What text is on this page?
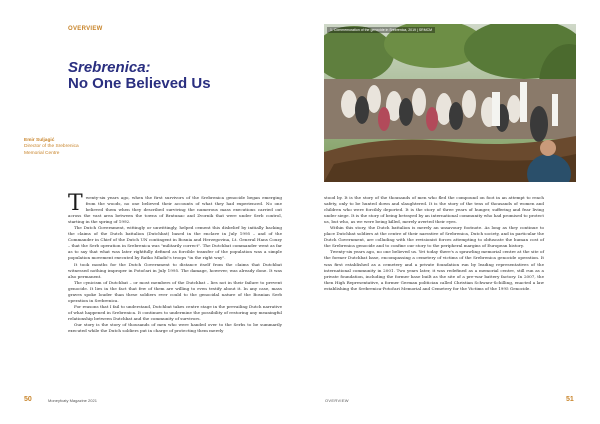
OVERVIEW
Srebrenica:
No One Believed Us
Emir Suljagić
Director of the Srebrenica
Memorial Centre
1. Commemoration of the genocide in Srebrenica, 2019 | SRMCM

Twenty-six years ago, when the first survivors of the Srebrenica genocide began emerging from the woods, no one believed their accounts of what they had experienced. No one believed them when they described surviving the numerous mass executions carried out across the vast area between the towns of Bratunac and Zvornik that were under Serb control, starting in the spring of 1992.

The Dutch Government, wittingly or unwittingly, helped cement this disbelief by initially backing the claims of the Dutch battalion (Dutchbat) based in the enclave in July 1995 – and of the Commander in Chief of the Dutch UN contingent in Bosnia and Herzegovina, Lt. General Hans Couzy – that the Serb operation in Srebrenica was "militarily correct". The Dutchbat commander went as far as to say that what was later rightfully defined as forcible transfer of the population was a simple population movement executed by Ratko Mladić's troops "in the right way".

It took months for the Dutch Government to distance itself from the claims that Dutchbat witnessed nothing improper in Potočari in July 1995. The damage, however, was already done. It was also permanent.

The cynicism of Dutchbat – or most members of the Dutchbat – lies not in their failure to prevent genocide. It lies in the fact that few of them are willing to even testify about it. In any case, mass graves spoke louder than these soldiers ever could to the genocidal nature of the Bosnian Serb operation in Srebrenica.

For reasons that I fail to understand, Dutchbat takes centre stage in the prevailing Dutch narrative of what happened in Srebrenica. It continues to undermine the possibility of restoring any meaningful relationship between Dutchbat and the community of survivors.

Our story is the story of thousands of men who were handed over to the Serbs to be summarily executed while the Dutch soldiers put in charge of protecting them merely

stood by. It is the story of the thousands of men who fled the compound on foot in an attempt to reach safety, only to be hunted down and slaughtered. It is the story of the tens of thousands of women and children who were forcibly deported. It is the story of three years of hunger, suffering and fear living under siege. It is the story of being betrayed by an international community who had promised to protect us, but who, as we were being killed, merely averted their eyes.

Within this story, the Dutch battalion is merely an unsavoury footnote. As long as they continue to place Dutchbat soldiers at the centre of their narrative of Srebrenica, Dutch society, and in particular the Dutch Government, are colluding with the revisionist forces attempting to obfuscate the human cost of the Srebrenica genocide and to confine our story to the peripheral margins of European history.

Twenty-six years ago, no one believed us. Yet today there's a sprawling memorial centre at the site of the former Dutchbat base, encompassing a cemetery of victims of the Srebrenica genocide operation. It was first established as a cemetery and a private foundation run by leading representatives of the international community in 2001. Two years later, it was redefined as a memorial centre, still run as a private foundation, including the former base built as the site of a pre-war battery factory. In 2007, the then High Representative, a former German politician called Christian Schwarz-Schilling, enacted a law establishing the Srebrenica-Potočari Memorial and Cemetery for the Victims of the 1995 Genocide.

50	Moneyfcaty Magazine 2021	OVERVIEW	51
